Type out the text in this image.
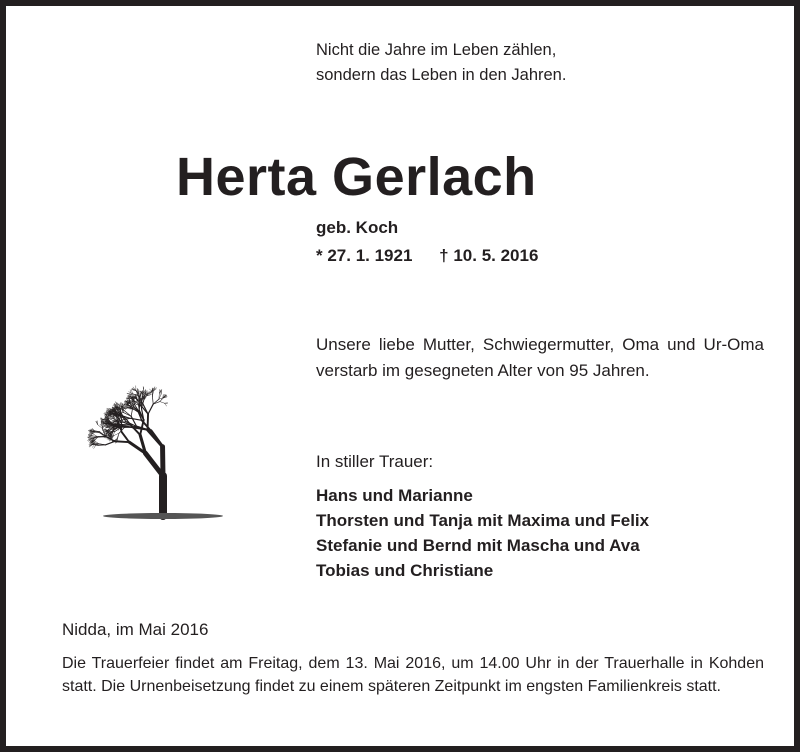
Nicht die Jahre im Leben zählen,
sondern das Leben in den Jahren.
Herta Gerlach
geb. Koch
* 27. 1. 1921 † 10. 5. 2016
Unsere liebe Mutter, Schwiegermutter, Oma und Ur-Oma verstarb im gesegneten Alter von 95 Jahren.
In stiller Trauer:
Hans und Marianne
Thorsten und Tanja mit Maxima und Felix
Stefanie und Bernd mit Mascha und Ava
Tobias und Christiane
Nidda, im Mai 2016
Die Trauerfeier findet am Freitag, dem 13. Mai 2016, um 14.00 Uhr in der Trauerhalle in Kohden statt. Die Urnenbeisetzung findet zu einem späteren Zeitpunkt im engsten Familienkreis statt.
